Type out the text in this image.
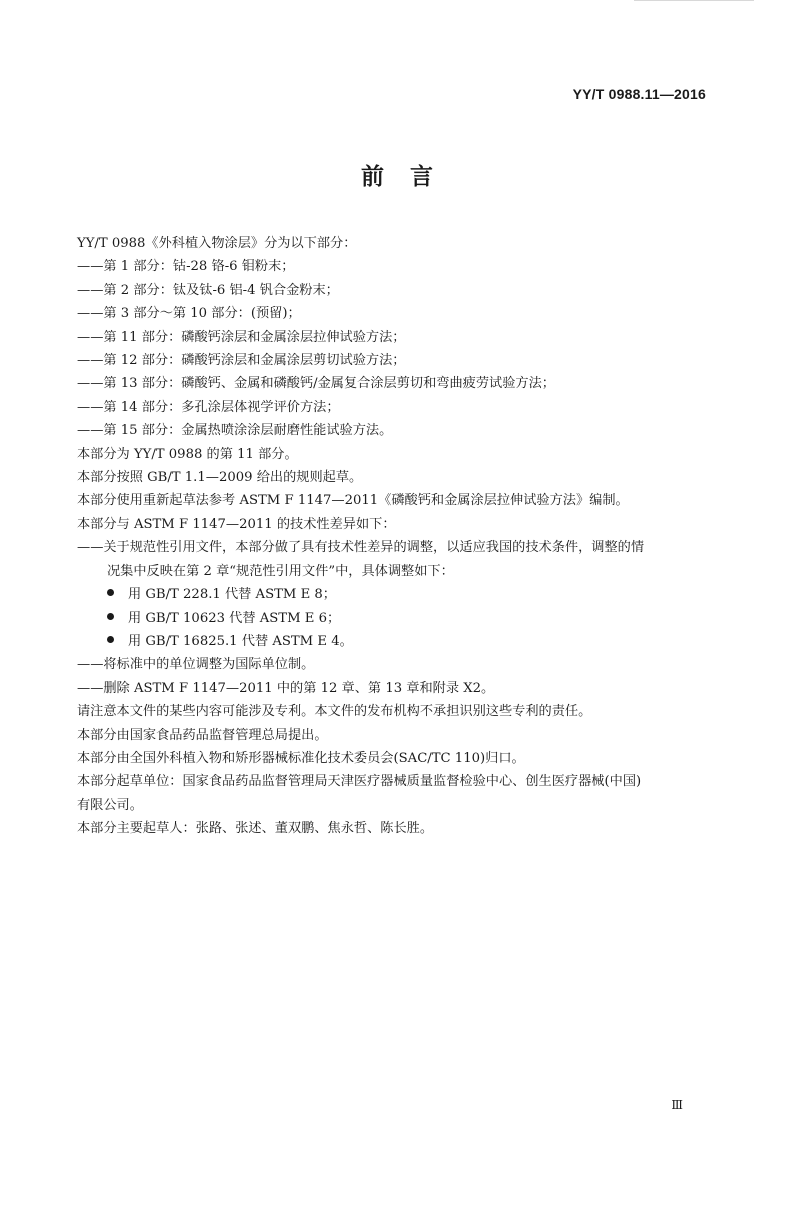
YY/T 0988.11—2016
前言
YY/T 0988《外科植入物涂层》分为以下部分：
——第 1 部分：钴-28 铬-6 钼粉末；
——第 2 部分：钛及钛-6 铝-4 钒合金粉末；
——第 3 部分～第 10 部分：(预留)；
——第 11 部分：磷酸钙涂层和金属涂层拉伸试验方法；
——第 12 部分：磷酸钙涂层和金属涂层剪切试验方法；
——第 13 部分：磷酸钙、金属和磷酸钙/金属复合涂层剪切和弯曲疲劳试验方法；
——第 14 部分：多孔涂层体视学评价方法；
——第 15 部分：金属热喷涂涂层耐磨性能试验方法。
本部分为 YY/T 0988 的第 11 部分。
本部分按照 GB/T 1.1—2009 给出的规则起草。
本部分使用重新起草法参考 ASTM F 1147—2011《磷酸钙和金属涂层拉伸试验方法》编制。
本部分与 ASTM F 1147—2011 的技术性差异如下：
——关于规范性引用文件，本部分做了具有技术性差异的调整，以适应我国的技术条件，调整的情
况集中反映在第 2 章“规范性引用文件”中，具体调整如下：
用 GB/T 228.1 代替 ASTM E 8；
用 GB/T 10623 代替 ASTM E 6；
用 GB/T 16825.1 代替 ASTM E 4。
——将标准中的单位调整为国际单位制。
——删除 ASTM F 1147—2011 中的第 12 章、第 13 章和附录 X2。
请注意本文件的某些内容可能涉及专利。本文件的发布机构不承担识别这些专利的责任。
本部分由国家食品药品监督管理总局提出。
本部分由全国外科植入物和矫形器械标准化技术委员会(SAC/TC 110)归口。
本部分起草单位：国家食品药品监督管理局天津医疗器械质量监督检验中心、创生医疗器械(中国)
有限公司。
本部分主要起草人：张路、张述、董双鹏、焦永哲、陈长胜。
Ⅲ
